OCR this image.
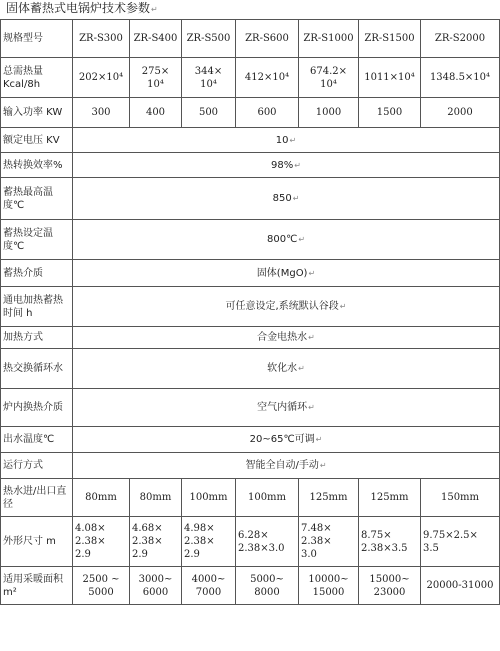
固体蓄热式电锅炉技术参数↵
规格型号	ZR-S300	ZR-S400	ZR-S500	ZR-S600	ZR-S1000	ZR-S1500	ZR-S2000
总需热量Kcal/8h	202×10⁴	275×
10⁴	344×
10⁴	412×10⁴	674.2×
10⁴	1011×10⁴	1348.5×10⁴
输入功率 KW	300	400	500	600	1000	1500	2000
额定电压 KV	10↵						
热转换效率%	98%↵						
蓄热最高温度℃	850↵						
蓄热设定温度℃	800℃↵						
蓄热介质	固体(MgO)↵						
通电加热蓄热时间 h	可任意设定,系统默认谷段↵						
加热方式	合金电热水↵						
热交换循环水	软化水↵						
炉内换热介质	空气内循环↵						
出水温度℃	20~65℃可调↵						
运行方式	智能全自动/手动↵						
热水进/出口直径	80mm	80mm	100mm	100mm	125mm	125mm	150mm
外形尺寸 m	4.08×
2.38×
2.9	4.68×
2.38×
2.9	4.98×
2.38×
2.9	6.28×
2.38×3.0	7.48×
2.38×
3.0	8.75×
2.38×3.5	9.75×2.5×
3.5
适用采暖面积 m²	2500 ~
5000	3000~
6000	4000~
7000	5000~
8000	10000~
15000	15000~
23000	20000-31000
